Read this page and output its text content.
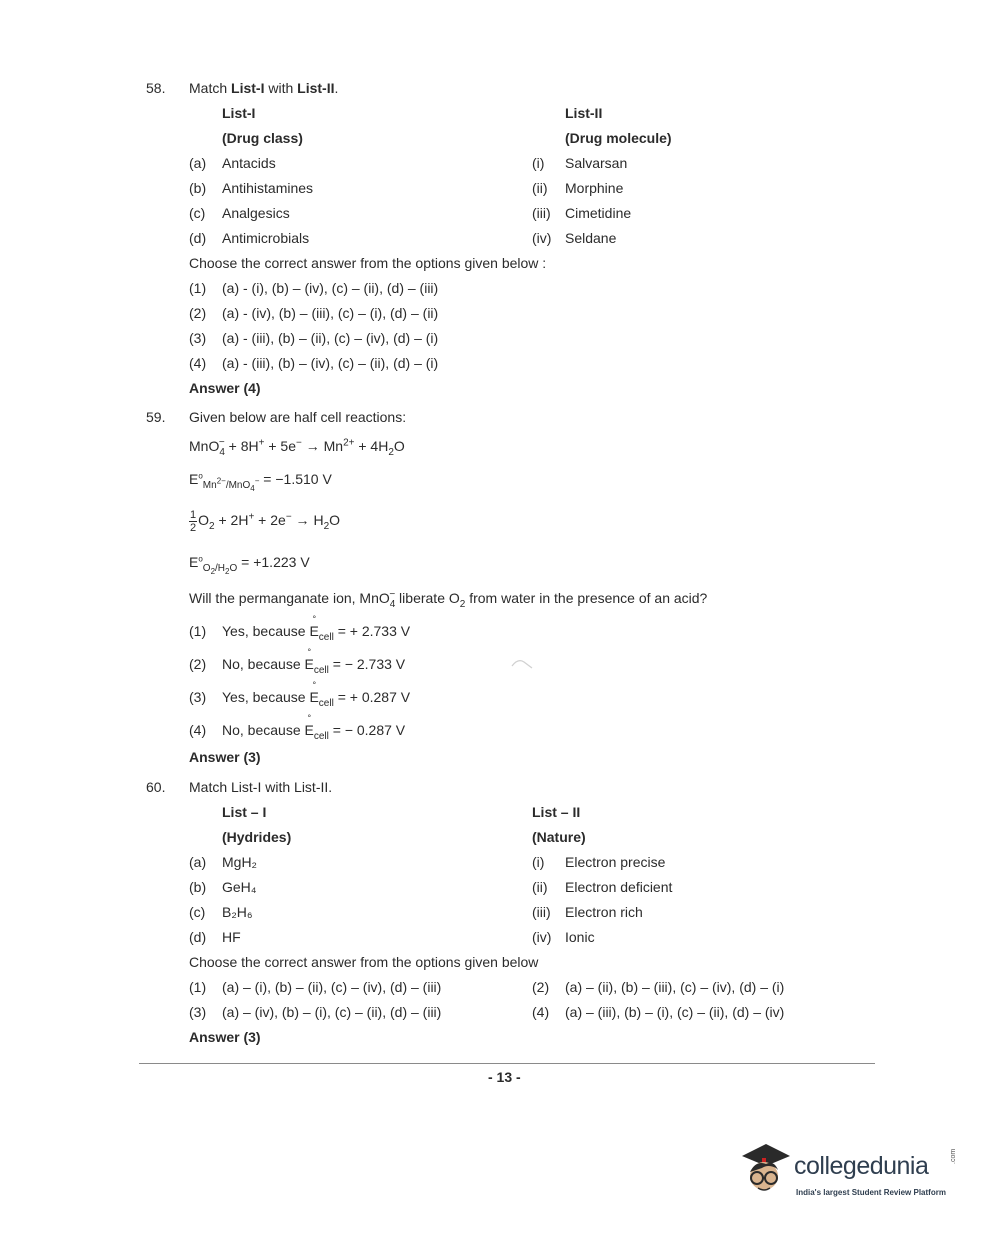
58. Match List-I with List-II.
List-I	List-II
(Drug class)	(Drug molecule)
(a) Antacids	(i) Salvarsan
(b) Antihistamines	(ii) Morphine
(c) Analgesics	(iii) Cimetidine
(d) Antimicrobials	(iv) Seldane
Choose the correct answer from the options given below :
(1) (a) - (i), (b) – (iv), (c) – (ii), (d) – (iii)
(2) (a) - (iv), (b) – (iii), (c) – (i), (d) – (ii)
(3) (a) - (iii), (b) – (ii), (c) – (iv), (d) – (i)
(4) (a) - (iii), (b) – (iv), (c) – (ii), (d) – (i)
Answer (4)
59. Given below are half cell reactions:
$MnO_4^- + 8H^+ + 5e^- \to Mn^{2+} + 4H_2O$
$E^o_{Mn^{2-}/MnO_4^-} = -1.510$ V
$\frac{1}{2} O_2 + 2H^+ + 2e^- \to H_2O$
$E^o_{O_2/H_2O} = +1.223$ V
Will the permanganate ion, MnO$_4$− liberate $O_2$ from water in the presence of an acid?
(1) Yes, because E $^\circ_{cell}$ = + 2.733 V
(2) No, because E $^\circ_{cell}$ = − 2.733 V
(3) Yes, because E $^\circ_{cell}$ = + 0.287 V
(4) No, because E $^\circ_{cell}$ = − 0.287 V
Answer (3)
60. Match List-I with List-II.
List – I	List – II
(Hydrides)	(Nature)
(a) MgH₂	(i) Electron precise
(b) GeH₄	(ii) Electron deficient
(c) B₂H₆	(iii) Electron rich
(d) HF	(iv) Ionic
Choose the correct answer from the options given below
(1) (a) – (i), (b) – (ii), (c) – (iv), (d) – (iii)	(2) (a) – (ii), (b) – (iii), (c) – (iv), (d) – (i)
(3) (a) – (iv), (b) – (i), (c) – (ii), (d) – (iii)	(4) (a) – (iii), (b) – (i), (c) – (ii), (d) – (iv)
Answer (3)
- 13 -
collegedunia	.com
India's largest Student Review Platform
